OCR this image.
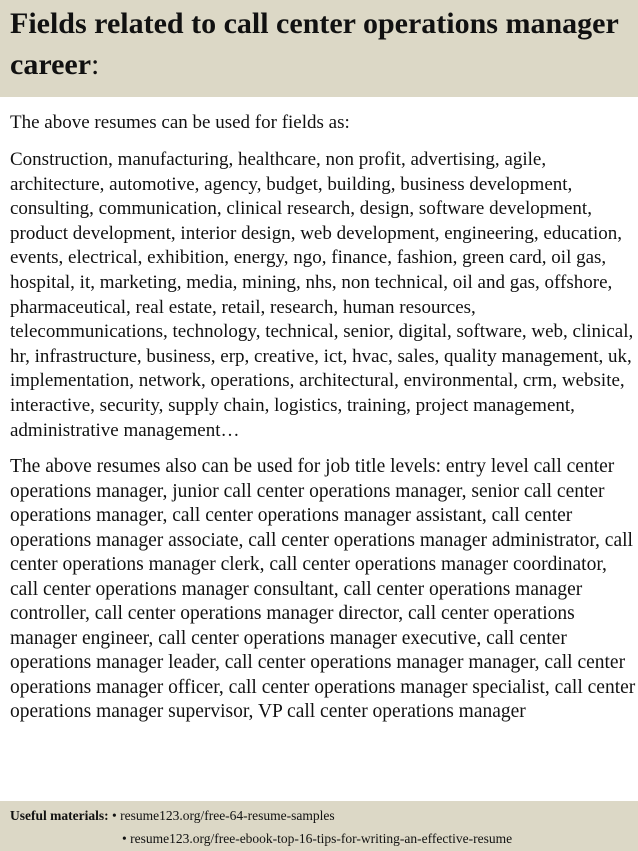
Fields related to call center operations manager career:

The above resumes can be used for fields as:

Construction, manufacturing, healthcare, non profit, advertising, agile, architecture, automotive, agency, budget, building, business development, consulting, communication, clinical research, design, software development, product development, interior design, web development, engineering, education, events, electrical, exhibition, energy, ngo, finance, fashion, green card, oil gas, hospital, it, marketing, media, mining, nhs, non technical, oil and gas, offshore, pharmaceutical, real estate, retail, research, human resources, telecommunications, technology, technical, senior, digital, software, web, clinical, hr, infrastructure, business, erp, creative, ict, hvac, sales, quality management, uk, implementation, network, operations, architectural, environmental, crm, website, interactive, security, supply chain, logistics, training, project management, administrative management…

The above resumes also can be used for job title levels: entry level call center operations manager, junior call center operations manager, senior call center operations manager, call center operations manager assistant, call center operations manager associate, call center operations manager administrator, call center operations manager clerk, call center operations manager coordinator, call center operations manager consultant, call center operations manager controller, call center operations manager director, call center operations manager engineer, call center operations manager executive, call center operations manager leader, call center operations manager manager, call center operations manager officer, call center operations manager specialist, call center operations manager supervisor, VP call center operations manager

Useful materials: • resume123.org/free-64-resume-samples
• resume123.org/free-ebook-top-16-tips-for-writing-an-effective-resume
